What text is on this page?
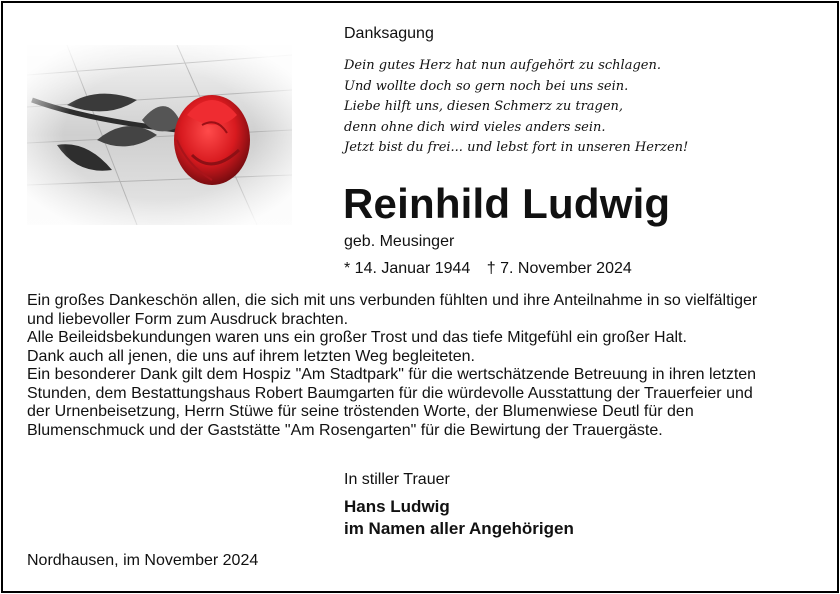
Danksagung
Dein gutes Herz hat nun aufgehört zu schlagen.
Und wollte doch so gern noch bei uns sein.
Liebe hilft uns, diesen Schmerz zu tragen,
denn ohne dich wird vieles anders sein.
Jetzt bist du frei... und lebst fort in unseren Herzen!
Reinhild Ludwig
geb. Meusinger
* 14. Januar 1944 † 7. November 2024
Ein großes Dankeschön allen, die sich mit uns verbunden fühlten und ihre Anteilnahme in so vielfältiger
und liebevoller Form zum Ausdruck brachten.
Alle Beileidsbekundungen waren uns ein großer Trost und das tiefe Mitgefühl ein großer Halt.
Dank auch all jenen, die uns auf ihrem letzten Weg begleiteten.
Ein besonderer Dank gilt dem Hospiz "Am Stadtpark" für die wertschätzende Betreuung in ihren letzten
Stunden, dem Bestattungshaus Robert Baumgarten für die würdevolle Ausstattung der Trauerfeier und
der Urnenbeisetzung, Herrn Stüwe für seine tröstenden Worte, der Blumenwiese Deutl für den
Blumenschmuck und der Gaststätte "Am Rosengarten" für die Bewirtung der Trauergäste.
In stiller Trauer
Hans Ludwig
im Namen aller Angehörigen
Nordhausen, im November 2024
